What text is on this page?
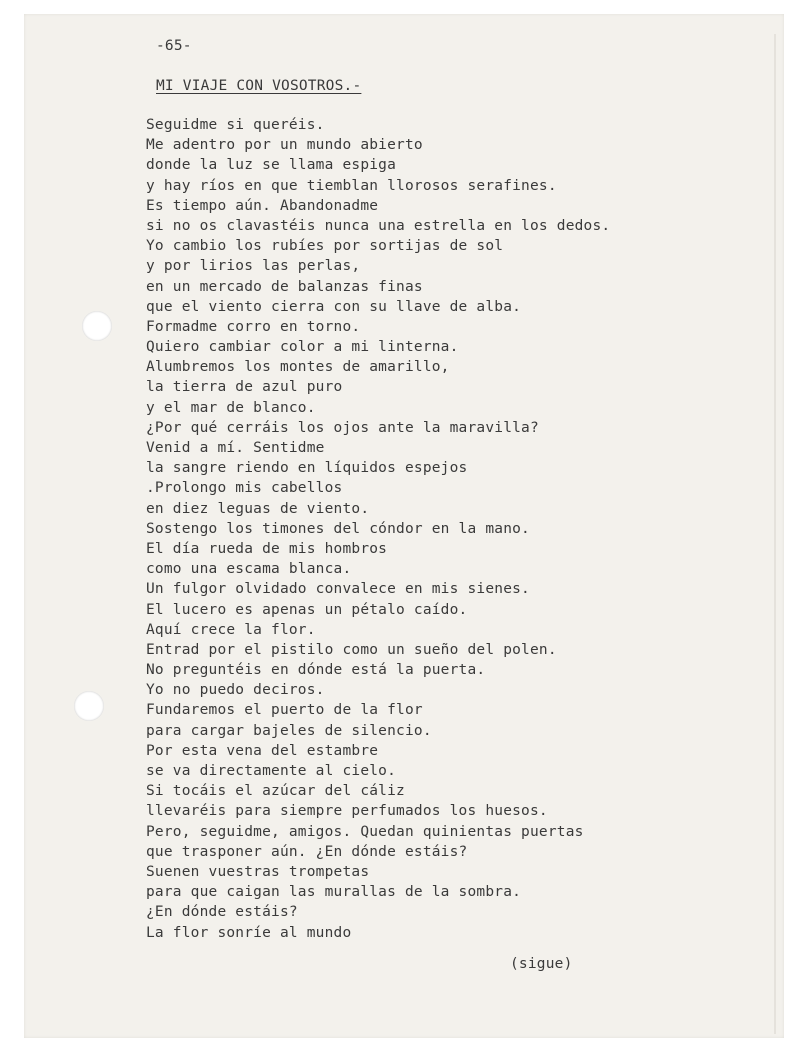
-65-
MI VIAJE CON VOSOTROS.-
Seguidme si queréis.
Me adentro por un mundo abierto
donde la luz se llama espiga
y hay ríos en que tiemblan llorosos serafines.
Es tiempo aún. Abandonadme
si no os clavastéis nunca una estrella en los dedos.
Yo cambio los rubíes por sortijas de sol
y por lirios las perlas,
en un mercado de balanzas finas
que el viento cierra con su llave de alba.
Formadme corro en torno.
Quiero cambiar color a mi linterna.
Alumbremos los montes de amarillo,
la tierra de azul puro
y el mar de blanco.
¿Por qué cerráis los ojos ante la maravilla?
Venid a mí. Sentidme
la sangre riendo en líquidos espejos
.Prolongo mis cabellos
en diez leguas de viento.
Sostengo los timones del cóndor en la mano.
El día rueda de mis hombros
como una escama blanca.
Un fulgor olvidado convalece en mis sienes.
El lucero es apenas un pétalo caído.
Aquí crece la flor.
Entrad por el pistilo como un sueño del polen.
No preguntéis en dónde está la puerta.
Yo no puedo deciros.
Fundaremos el puerto de la flor
para cargar bajeles de silencio.
Por esta vena del estambre
se va directamente al cielo.
Si tocáis el azúcar del cáliz
llevaréis para siempre perfumados los huesos.
Pero, seguidme, amigos. Quedan quinientas puertas
que trasponer aún. ¿En dónde estáis?
Suenen vuestras trompetas
para que caigan las murallas de la sombra.
¿En dónde estáis?
La flor sonríe al mundo
(sigue)
